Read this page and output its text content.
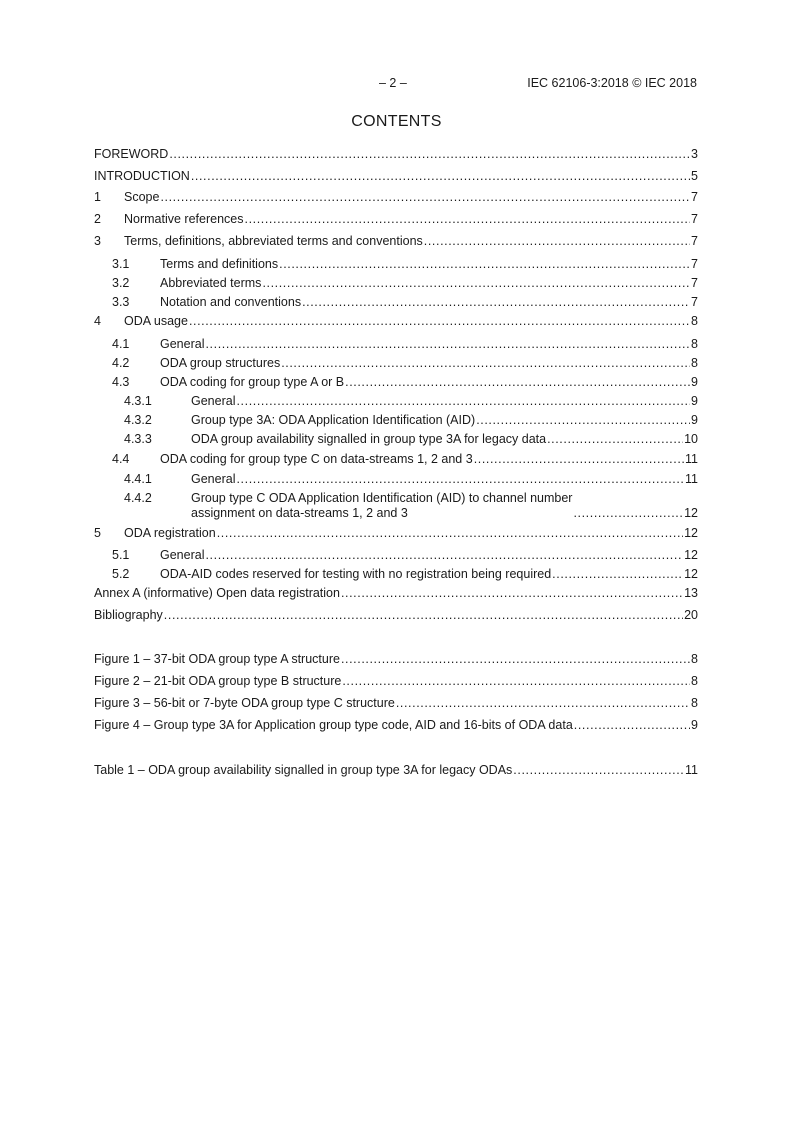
– 2 –	IEC 62106-3:2018 © IEC 2018
CONTENTS
FOREWORD .....	3
INTRODUCTION .....	5
1 Scope .....	7
2 Normative references .....	7
3 Terms, definitions, abbreviated terms and conventions .....	7
3.1 Terms and definitions .....	7
3.2 Abbreviated terms .....	7
3.3 Notation and conventions .....	7
4 ODA usage .....	8
4.1 General .....	8
4.2 ODA group structures .....	8
4.3 ODA coding for group type A or B .....	9
4.3.1	General .....	9
4.3.2	Group type 3A: ODA Application Identification (AID) .....	9
4.3.3	ODA group availability signalled in group type 3A for legacy data .....	10
4.4 ODA coding for group type C on data-streams 1, 2 and 3 .....	11
4.4.1	General .....	11
4.4.2	Group type C ODA Application Identification (AID) to channel number
assignment on data-streams 1, 2 and 3 .....	12
5 ODA registration .....	12
5.1 General .....	12
5.2 ODA-AID codes reserved for testing with no registration being required .....	12
Annex A (informative) Open data registration .....	13
Bibliography .....	20
Figure 1 – 37-bit ODA group type A structure .....	8
Figure 2 – 21-bit ODA group type B structure .....	8
Figure 3 – 56-bit or 7-byte ODA group type C structure .....	8
Figure 4 – Group type 3A for Application group type code, AID and 16-bits of ODA data .....	9
Table 1 – ODA group availability signalled in group type 3A for legacy ODAs .....	11
